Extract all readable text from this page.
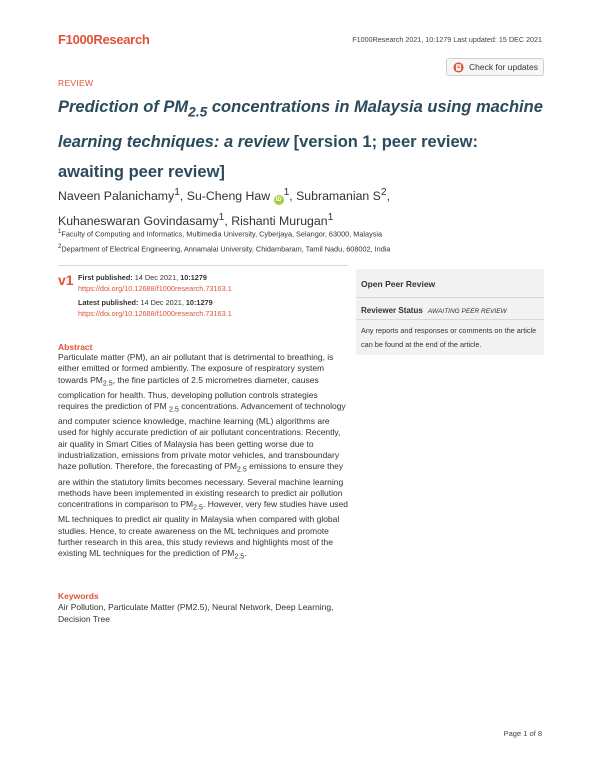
F1000Research	F1000Research 2021, 10:1279 Last updated: 15 DEC 2021
REVIEW
Check for updates
Prediction of $PM_{2.5}$ concentrations in Malaysia using machine learning techniques: a review [version 1; peer review: awaiting peer review]
Naveen Palanichamy$^1$, Su-Cheng Haw $iD^1$, Subramanian $S^2$,
Kuhaneswaran Govindasamy$^1$, Rishanti Murugan$^1$
$^1$Faculty of Computing and Informatics, Multimedia University, Cyberjaya, Selangor, 63000, Malaysia
$^2$Department of Electrical Engineering, Annamalai University, Chidambaram, Tamil Nadu, 608002, India
v1 First published: 14 Dec 2021, 10:1279
https://doi.org/10.12688/f1000research.73163.1
Latest published: 14 Dec 2021, 10:1279
https://doi.org/10.12688/f1000research.73163.1
Open Peer Review
Reviewer Status AWAITING PEER REVIEW
Any reports and responses or comments on the article can be found at the end of the article.
Abstract
Particulate matter (PM), an air pollutant that is detrimental to breathing, is either emitted or formed ambiently. The exposure of respiratory system towards $PM_{2.5}$, the fine particles of 2.5 micrometres diameter, causes complication for health. Thus, developing pollution controls strategies requires the prediction of PM $_{2.5}$ concentrations. Advancement of technology and computer science knowledge, machine learning (ML) algorithms are used for highly accurate prediction of air pollutant concentrations. Recently, air quality in Smart Cities of Malaysia has been getting worse due to industrialization, emissions from private motor vehicles, and transboundary haze pollution. Therefore, the forecasting of $PM_{2.5}$ emissions to ensure they are within the statutory limits becomes necessary. Several machine learning methods have been implemented in existing research to predict air pollution concentrations in comparison to $PM_{2.5}$. However, very few studies have used ML techniques to predict air quality in Malaysia when compared with global studies. Hence, to create awareness on the ML techniques and promote further research in this area, this study reviews and highlights most of the existing ML techniques for the prediction of $PM_{2.5}$.
Keywords
Air Pollution, Particulate Matter (PM2.5), Neural Network, Deep Learning, Decision Tree
Page 1 of 8
